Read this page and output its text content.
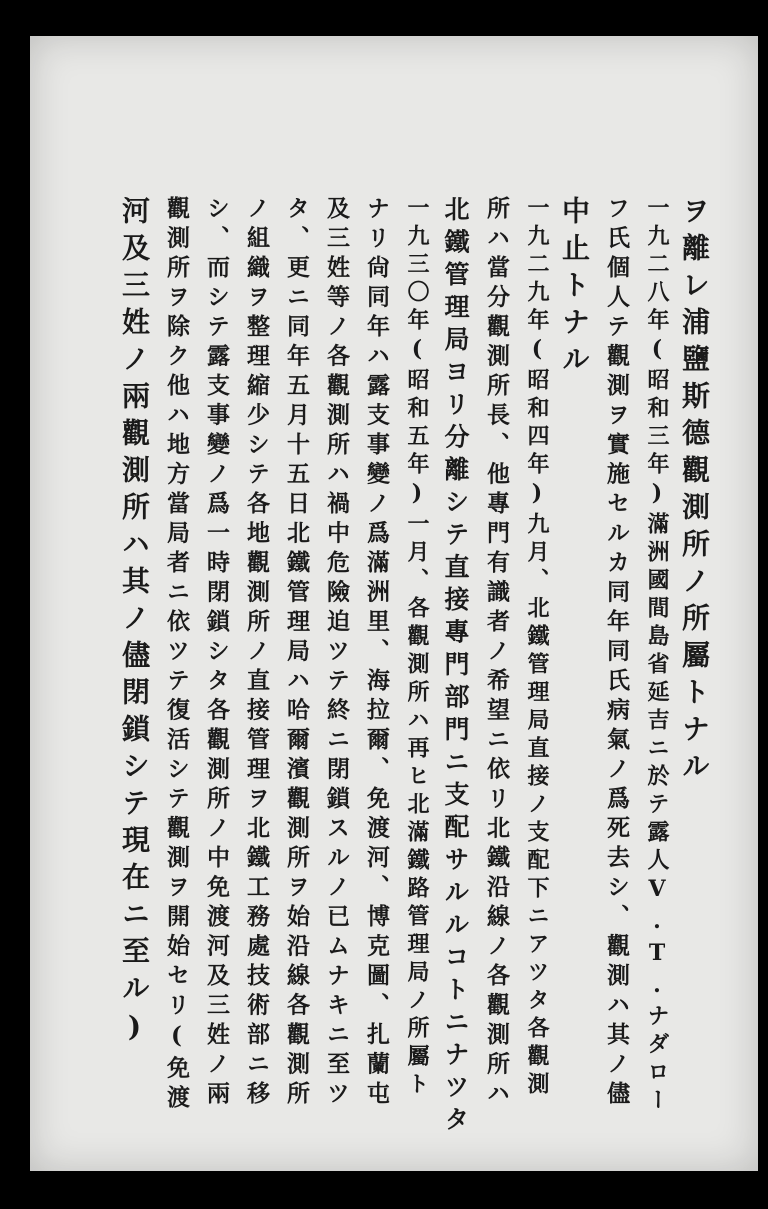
ヲ離レ浦鹽斯德觀測所ノ所屬トナル
一九二八年(昭和三年)滿洲國間島省延吉ニ於テ露人V.T.ナダロー
フ氏個人テ觀測ヲ實施セルカ同年同氏病氣ノ爲死去シ、觀測ハ其ノ儘
中止トナル
一九二九年(昭和四年)九月、北鐵管理局直接ノ支配下ニアツタ各觀測
所ハ當分觀測所長、他專門有識者ノ希望ニ依リ北鐵沿線ノ各觀測所ハ
北鐵管理局ヨリ分離シテ直接專門部門ニ支配サルルコトニナツタ
一九三〇年(昭和五年)一月、各觀測所ハ再ヒ北滿鐵路管理局ノ所屬ト
ナリ尙同年ハ露支事變ノ爲滿洲里、海拉爾、免渡河、博克圖、扎蘭屯
及三姓等ノ各觀測所ハ禍中危險迫ツテ終ニ閉鎖スルノ已ムナキニ至ツ
タ、更ニ同年五月十五日北鐵管理局ハ哈爾濱觀測所ヲ始沿線各觀測所
ノ組織ヲ整理縮少シテ各地觀測所ノ直接管理ヲ北鐵工務處技術部ニ移
シ、而シテ露支事變ノ爲一時閉鎖シタ各觀測所ノ中免渡河及三姓ノ兩
觀測所ヲ除ク他ハ地方當局者ニ依ツテ復活シテ觀測ヲ開始セリ(免渡
河及三姓ノ兩觀測所ハ其ノ儘閉鎖シテ現在ニ至ル)
